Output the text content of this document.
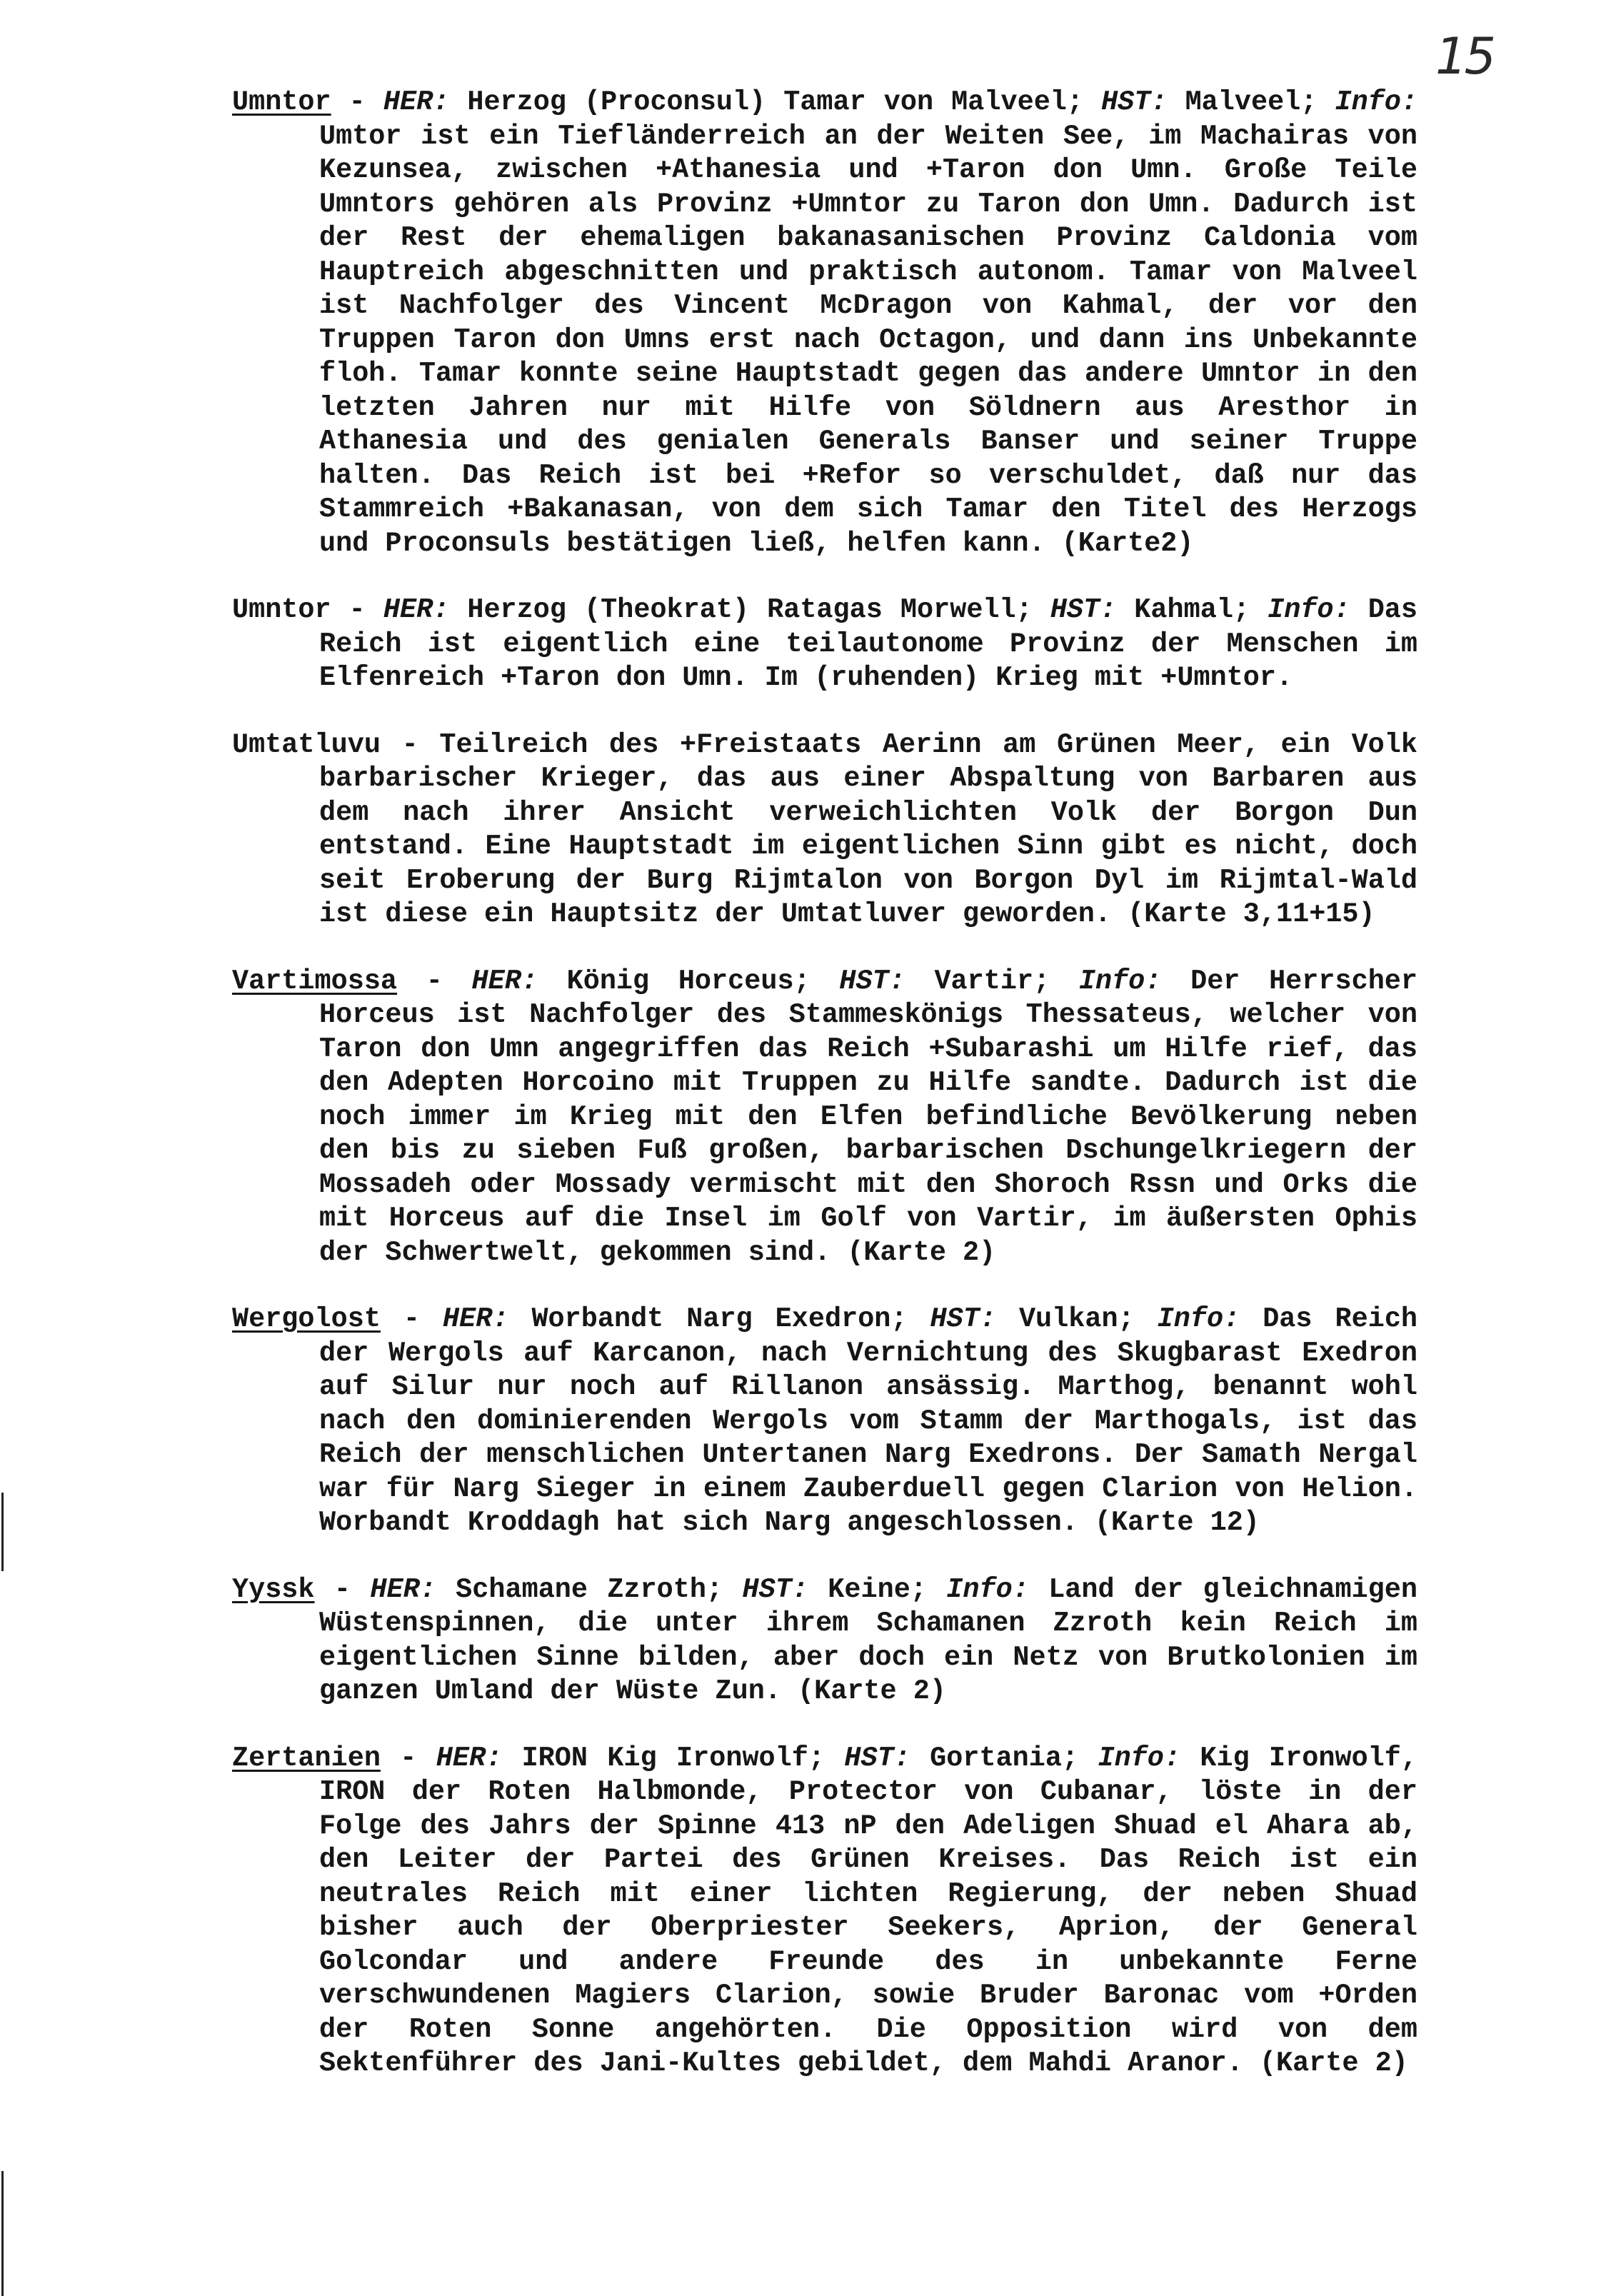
15

Umntor - HER: Herzog (Proconsul) Tamar von Malveel; HST: Malveel; Info: Umtor ist ein Tiefländerreich an der Weiten See, im Machairas von Kezunsea, zwischen +Athanesia und +Taron don Umn. Große Teile Umntors gehören als Provinz +Umntor zu Taron don Umn. Dadurch ist der Rest der ehemaligen bakanasanischen Provinz Caldonia vom Hauptreich abgeschnitten und praktisch autonom. Tamar von Malveel ist Nachfolger des Vincent McDragon von Kahmal, der vor den Truppen Taron don Umns erst nach Octagon, und dann ins Unbekannte floh. Tamar konnte seine Hauptstadt gegen das andere Umntor in den letzten Jahren nur mit Hilfe von Söldnern aus Aresthor in Athanesia und des genialen Generals Banser und seiner Truppe halten. Das Reich ist bei +Refor so verschuldet, daß nur das Stammreich +Bakanasan, von dem sich Tamar den Titel des Herzogs und Proconsuls bestätigen ließ, helfen kann. (Karte2)

Umntor - HER: Herzog (Theokrat) Ratagas Morwell; HST: Kahmal; Info: Das Reich ist eigentlich eine teilautonome Provinz der Menschen im Elfenreich +Taron don Umn. Im (ruhenden) Krieg mit +Umntor.

Umtatluvu - Teilreich des +Freistaats Aerinn am Grünen Meer, ein Volk barbarischer Krieger, das aus einer Abspaltung von Barbaren aus dem nach ihrer Ansicht verweichlichten Volk der Borgon Dun entstand. Eine Hauptstadt im eigentlichen Sinn gibt es nicht, doch seit Eroberung der Burg Rijmtalon von Borgon Dyl im Rijmtal-Wald ist diese ein Hauptsitz der Umtatluver geworden. (Karte 3,11+15)

Vartimossa - HER: König Horceus; HST: Vartir; Info: Der Herrscher Horceus ist Nachfolger des Stammeskönigs Thessateus, welcher von Taron don Umn angegriffen das Reich +Subarashi um Hilfe rief, das den Adepten Horcoino mit Truppen zu Hilfe sandte. Dadurch ist die noch immer im Krieg mit den Elfen befindliche Bevölkerung neben den bis zu sieben Fuß großen, barbarischen Dschungelkriegern der Mossadeh oder Mossady vermischt mit den Shoroch Rssn und Orks die mit Horceus auf die Insel im Golf von Vartir, im äußersten Ophis der Schwertwelt, gekommen sind. (Karte 2)

Wergolost - HER: Worbandt Narg Exedron; HST: Vulkan; Info: Das Reich der Wergols auf Karcanon, nach Vernichtung des Skugbarast Exedron auf Silur nur noch auf Rillanon ansässig. Marthog, benannt wohl nach den dominierenden Wergols vom Stamm der Marthogals, ist das Reich der menschlichen Untertanen Narg Exedrons. Der Samath Nergal war für Narg Sieger in einem Zauberduell gegen Clarion von Helion. Worbandt Kroddagh hat sich Narg angeschlossen. (Karte 12)

Yyssk - HER: Schamane Zzroth; HST: Keine; Info: Land der gleichnamigen Wüstenspinnen, die unter ihrem Schamanen Zzroth kein Reich im eigentlichen Sinne bilden, aber doch ein Netz von Brutkolonien im ganzen Umland der Wüste Zun. (Karte 2)

Zertanien - HER: IRON Kig Ironwolf; HST: Gortania; Info: Kig Ironwolf, IRON der Roten Halbmonde, Protector von Cubanar, löste in der Folge des Jahrs der Spinne 413 nP den Adeligen Shuad el Ahara ab, den Leiter der Partei des Grünen Kreises. Das Reich ist ein neutrales Reich mit einer lichten Regierung, der neben Shuad bisher auch der Oberpriester Seekers, Aprion, der General Golcondar und andere Freunde des in unbekannte Ferne verschwundenen Magiers Clarion, sowie Bruder Baronac vom +Orden der Roten Sonne angehörten. Die Opposition wird von dem Sektenführer des Jani-Kultes gebildet, dem Mahdi Aranor. (Karte 2)
